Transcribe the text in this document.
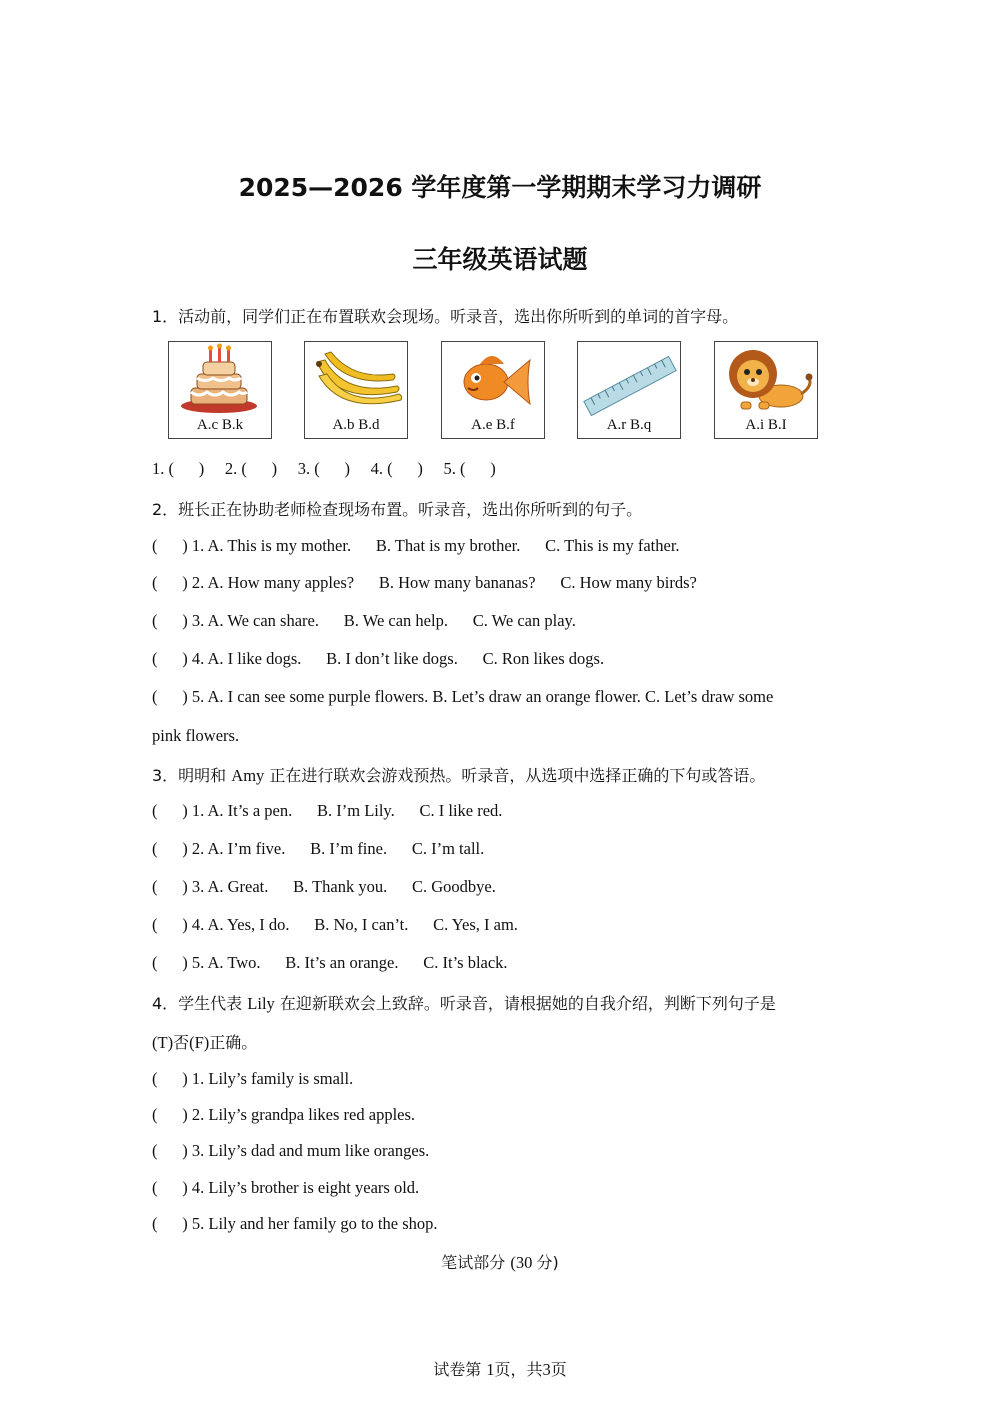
2025—2026 学年度第一学期期末学习力调研
三年级英语试题
1．活动前，同学们正在布置联欢会现场。听录音，选出你所听到的单词的首字母。
A.c B.k	A.b B.d	A.e B.f	A.r B.q	A.i B.I
1. (      )     2. (      )     3. (      )     4. (      )     5. (      )
2．班长正在协助老师检查现场布置。听录音，选出你所听到的句子。
(      ) 1. A. This is my mother. B. That is my brother. C. This is my father.
(      ) 2. A. How many apples? B. How many bananas? C. How many birds?
(      ) 3. A. We can share. B. We can help. C. We can play.
(      ) 4. A. I like dogs. B. I don’t like dogs. C. Ron likes dogs.
(      ) 5. A. I can see some purple flowers. B. Let’s draw an orange flower. C. Let’s draw some
pink flowers.
3．明明和 Amy 正在进行联欢会游戏预热。听录音，从选项中选择正确的下句或答语。
(      ) 1. A. It’s a pen. B. I’m Lily. C. I like red.
(      ) 2. A. I’m five. B. I’m fine. C. I’m tall.
(      ) 3. A. Great. B. Thank you. C. Goodbye.
(      ) 4. A. Yes, I do. B. No, I can’t. C. Yes, I am.
(      ) 5. A. Two. B. It’s an orange. C. It’s black.
4．学生代表 Lily 在迎新联欢会上致辞。听录音，请根据她的自我介绍，判断下列句子是
(T)否(F)正确。
(      ) 1. Lily’s family is small.
(      ) 2. Lily’s grandpa likes red apples.
(      ) 3. Lily’s dad and mum like oranges.
(      ) 4. Lily’s brother is eight years old.
(      ) 5. Lily and her family go to the shop.
笔试部分 (30 分)
试卷第 1页，共3页
